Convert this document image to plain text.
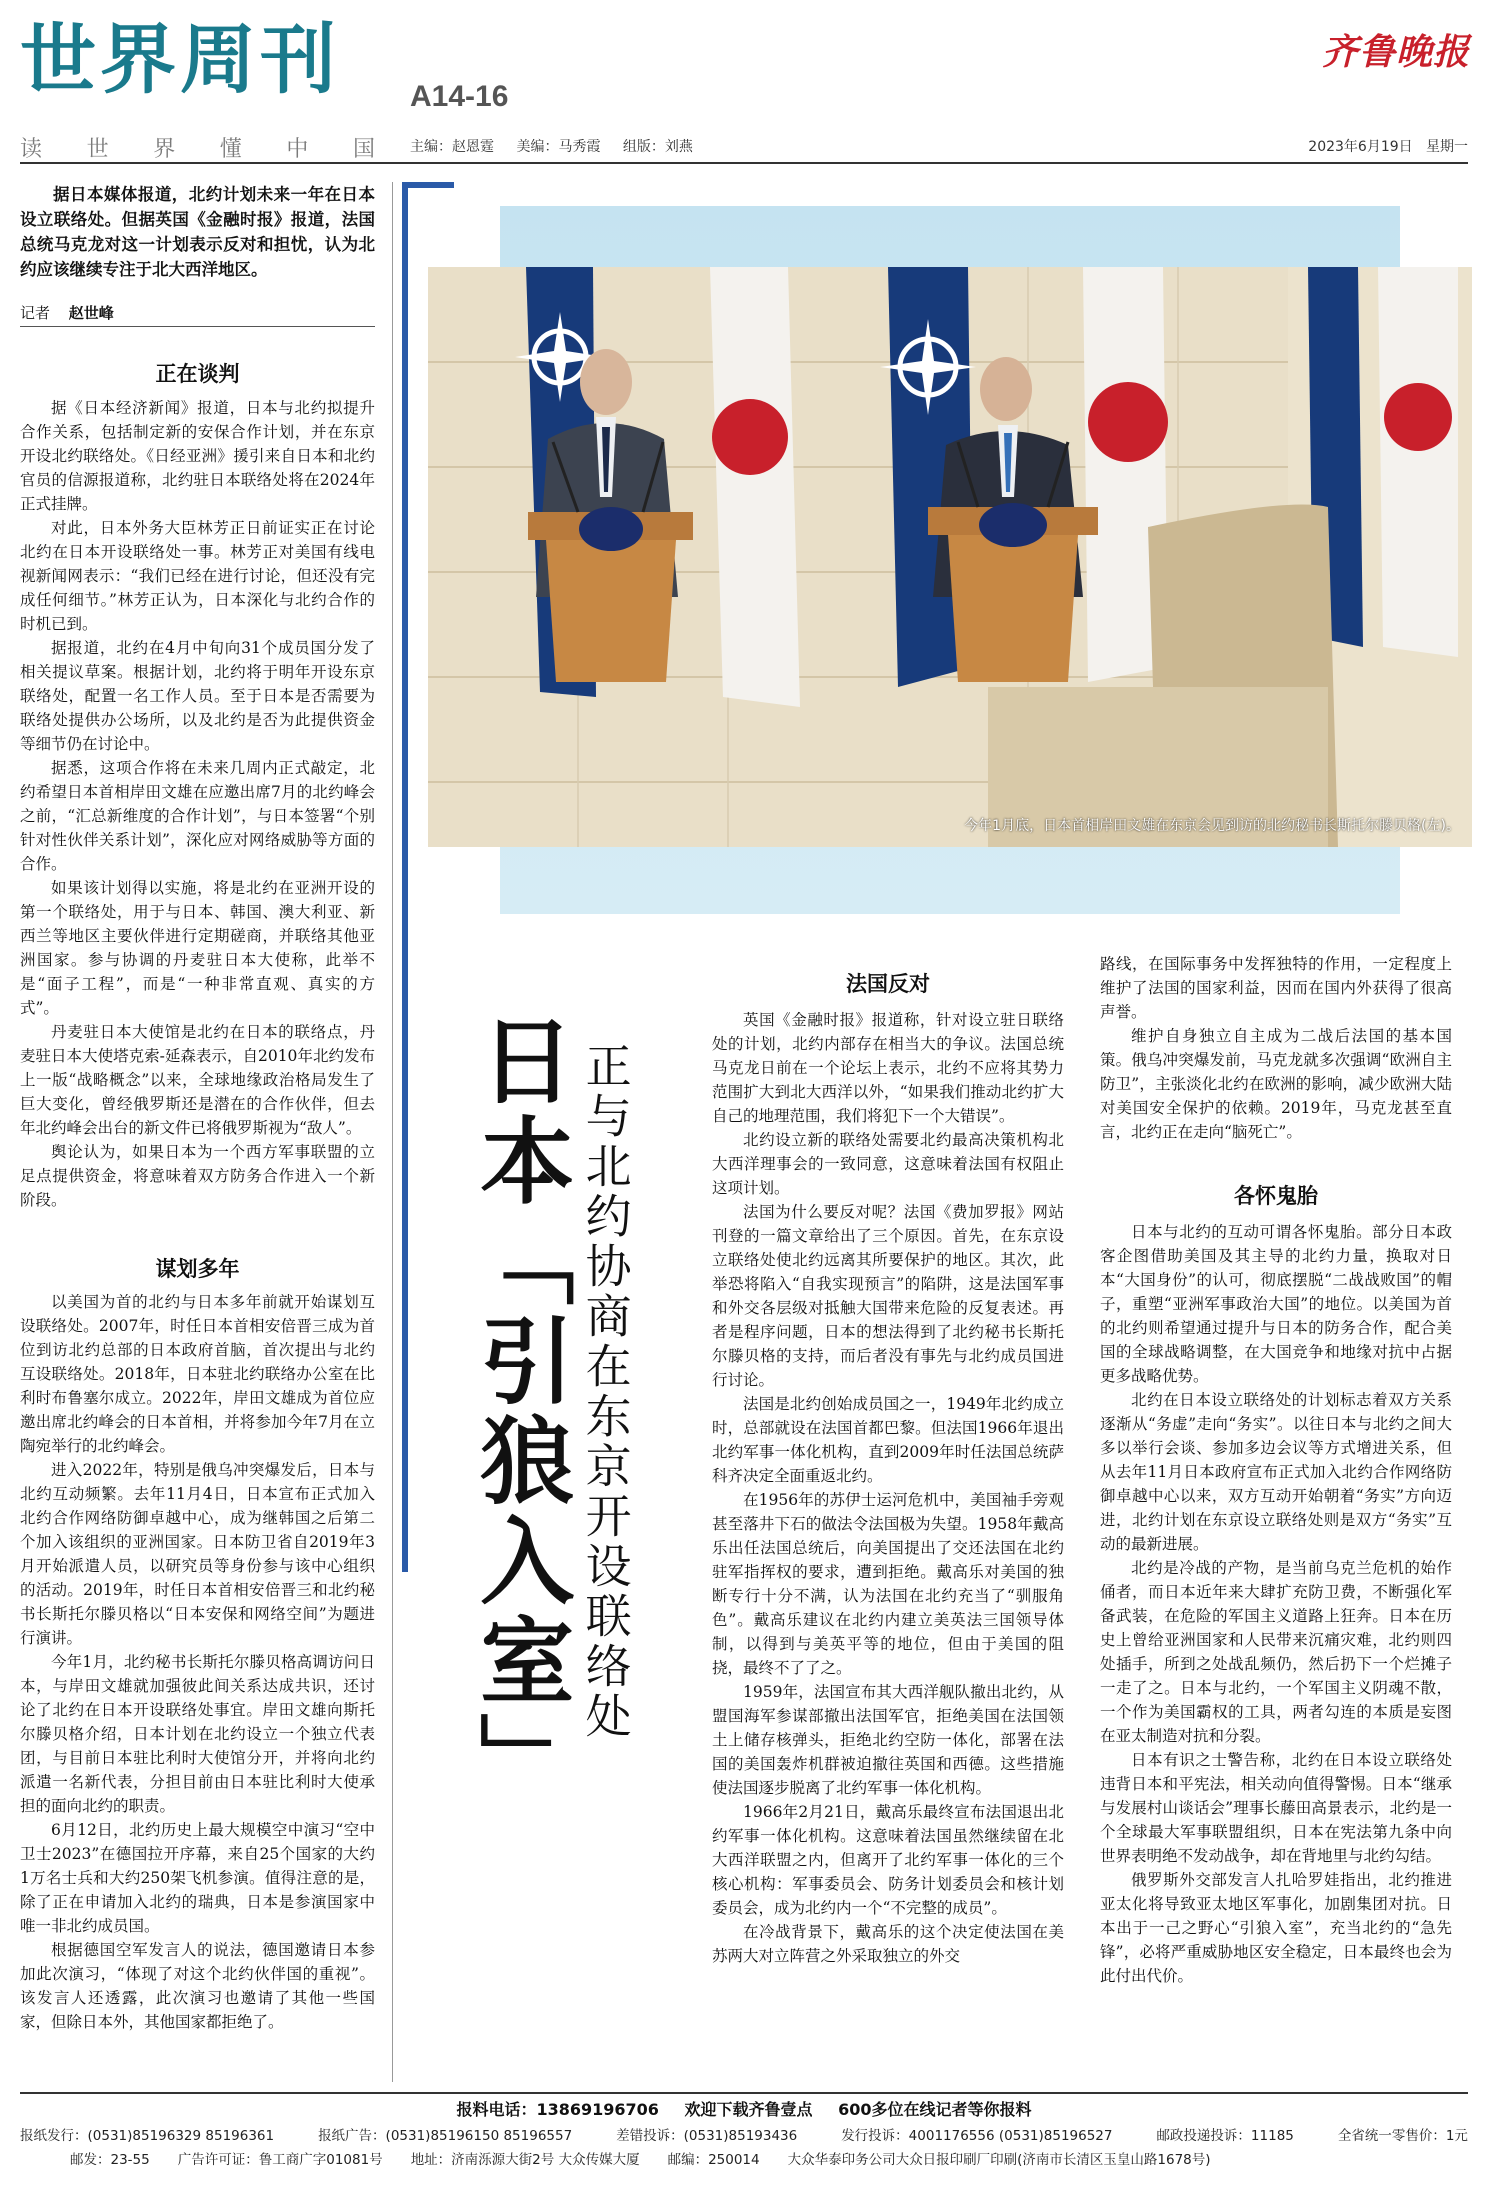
世界周刊 A14-16
读 世 界 懂 中 国
齐鲁晚报
主编：赵恩霆 美编：马秀霞 组版：刘燕	2023年6月19日 星期一
据日本媒体报道，北约计划未来一年在日本设立联络处。但据英国《金融时报》报道，法国总统马克龙对这一计划表示反对和担忧，认为北约应该继续专注于北大西洋地区。
记者 赵世峰
正在谈判

据《日本经济新闻》报道，日本与北约拟提升合作关系，包括制定新的安保合作计划，并在东京开设北约联络处。《日经亚洲》援引来自日本和北约官员的信源报道称，北约驻日本联络处将在2024年正式挂牌。

对此，日本外务大臣林芳正日前证实正在讨论北约在日本开设联络处一事。林芳正对美国有线电视新闻网表示：“我们已经在进行讨论，但还没有完成任何细节。”林芳正认为，日本深化与北约合作的时机已到。

据报道，北约在4月中旬向31个成员国分发了相关提议草案。根据计划，北约将于明年开设东京联络处，配置一名工作人员。至于日本是否需要为联络处提供办公场所，以及北约是否为此提供资金等细节仍在讨论中。

据悉，这项合作将在未来几周内正式敲定，北约希望日本首相岸田文雄在应邀出席7月的北约峰会之前，“汇总新维度的合作计划”，与日本签署“个别针对性伙伴关系计划”，深化应对网络威胁等方面的合作。

如果该计划得以实施，将是北约在亚洲开设的第一个联络处，用于与日本、韩国、澳大利亚、新西兰等地区主要伙伴进行定期磋商，并联络其他亚洲国家。参与协调的丹麦驻日本大使称，此举不是“面子工程”，而是“一种非常直观、真实的方式”。

丹麦驻日本大使馆是北约在日本的联络点，丹麦驻日本大使塔克索-延森表示，自2010年北约发布上一版“战略概念”以来，全球地缘政治格局发生了巨大变化，曾经俄罗斯还是潜在的合作伙伴，但去年北约峰会出台的新文件已将俄罗斯视为“敌人”。

舆论认为，如果日本为一个西方军事联盟的立足点提供资金，将意味着双方防务合作进入一个新阶段。

谋划多年

以美国为首的北约与日本多年前就开始谋划互设联络处。2007年，时任日本首相安倍晋三成为首位到访北约总部的日本政府首脑，首次提出与北约互设联络处。2018年，日本驻北约联络办公室在比利时布鲁塞尔成立。2022年，岸田文雄成为首位应邀出席北约峰会的日本首相，并将参加今年7月在立陶宛举行的北约峰会。

进入2022年，特别是俄乌冲突爆发后，日本与北约互动频繁。去年11月4日，日本宣布正式加入北约合作网络防御卓越中心，成为继韩国之后第二个加入该组织的亚洲国家。日本防卫省自2019年3月开始派遣人员，以研究员等身份参与该中心组织的活动。2019年，时任日本首相安倍晋三和北约秘书长斯托尔滕贝格以“日本安保和网络空间”为题进行演讲。

今年1月，北约秘书长斯托尔滕贝格高调访问日本，与岸田文雄就加强彼此间关系达成共识，还讨论了北约在日本开设联络处事宜。岸田文雄向斯托尔滕贝格介绍，日本计划在北约设立一个独立代表团，与目前日本驻比利时大使馆分开，并将向北约派遣一名新代表，分担目前由日本驻比利时大使承担的面向北约的职责。

6月12日，北约历史上最大规模空中演习“空中卫士2023”在德国拉开序幕，来自25个国家的大约1万名士兵和大约250架飞机参演。值得注意的是，除了正在申请加入北约的瑞典，日本是参演国家中唯一非北约成员国。

根据德国空军发言人的说法，德国邀请日本参加此次演习，“体现了对这个北约伙伴国的重视”。该发言人还透露，此次演习也邀请了其他一些国家，但除日本外，其他国家都拒绝了。

今年1月底，日本首相岸田文雄在东京会见到访的北约秘书长斯托尔滕贝格(左)。
日本「引狼入室」 正与北约协商在东京开设联络处
法国反对

英国《金融时报》报道称，针对设立驻日联络处的计划，北约内部存在相当大的争议。法国总统马克龙日前在一个论坛上表示，北约不应将其势力范围扩大到北大西洋以外，“如果我们推动北约扩大自己的地理范围，我们将犯下一个大错误”。

北约设立新的联络处需要北约最高决策机构北大西洋理事会的一致同意，这意味着法国有权阻止这项计划。

法国为什么要反对呢？法国《费加罗报》网站刊登的一篇文章给出了三个原因。首先，在东京设立联络处使北约远离其所要保护的地区。其次，此举恐将陷入“自我实现预言”的陷阱，这是法国军事和外交各层级对抵触大国带来危险的反复表述。再者是程序问题，日本的想法得到了北约秘书长斯托尔滕贝格的支持，而后者没有事先与北约成员国进行讨论。

法国是北约创始成员国之一，1949年北约成立时，总部就设在法国首都巴黎。但法国1966年退出北约军事一体化机构，直到2009年时任法国总统萨科齐决定全面重返北约。

在1956年的苏伊士运河危机中，美国袖手旁观甚至落井下石的做法令法国极为失望。1958年戴高乐出任法国总统后，向美国提出了交还法国在北约驻军指挥权的要求，遭到拒绝。戴高乐对美国的独断专行十分不满，认为法国在北约充当了“驯服角色”。戴高乐建议在北约内建立美英法三国领导体制，以得到与美英平等的地位，但由于美国的阻挠，最终不了了之。

1959年，法国宣布其大西洋舰队撤出北约，从盟国海军参谋部撤出法国军官，拒绝美国在法国领土上储存核弹头，拒绝北约空防一体化，部署在法国的美国轰炸机群被迫撤往英国和西德。这些措施使法国逐步脱离了北约军事一体化机构。

1966年2月21日，戴高乐最终宣布法国退出北约军事一体化机构。这意味着法国虽然继续留在北大西洋联盟之内，但离开了北约军事一体化的三个核心机构：军事委员会、防务计划委员会和核计划委员会，成为北约内一个“不完整的成员”。

在冷战背景下，戴高乐的这个决定使法国在美苏两大对立阵营之外采取独立的外交

路线，在国际事务中发挥独特的作用，一定程度上维护了法国的国家利益，因而在国内外获得了很高声誉。

维护自身独立自主成为二战后法国的基本国策。俄乌冲突爆发前，马克龙就多次强调“欧洲自主防卫”，主张淡化北约在欧洲的影响，减少欧洲大陆对美国安全保护的依赖。2019年，马克龙甚至直言，北约正在走向“脑死亡”。

各怀鬼胎

日本与北约的互动可谓各怀鬼胎。部分日本政客企图借助美国及其主导的北约力量，换取对日本“大国身份”的认可，彻底摆脱“二战战败国”的帽子，重塑“亚洲军事政治大国”的地位。以美国为首的北约则希望通过提升与日本的防务合作，配合美国的全球战略调整，在大国竞争和地缘对抗中占据更多战略优势。

北约在日本设立联络处的计划标志着双方关系逐渐从“务虚”走向“务实”。以往日本与北约之间大多以举行会谈、参加多边会议等方式增进关系，但从去年11月日本政府宣布正式加入北约合作网络防御卓越中心以来，双方互动开始朝着“务实”方向迈进，北约计划在东京设立联络处则是双方“务实”互动的最新进展。

北约是冷战的产物，是当前乌克兰危机的始作俑者，而日本近年来大肆扩充防卫费，不断强化军备武装，在危险的军国主义道路上狂奔。日本在历史上曾给亚洲国家和人民带来沉痛灾难，北约则四处插手，所到之处战乱频仍，然后扔下一个烂摊子一走了之。日本与北约，一个军国主义阴魂不散，一个作为美国霸权的工具，两者勾连的本质是妄图在亚太制造对抗和分裂。

日本有识之士警告称，北约在日本设立联络处违背日本和平宪法，相关动向值得警惕。日本“继承与发展村山谈话会”理事长藤田高景表示，北约是一个全球最大军事联盟组织，日本在宪法第九条中向世界表明绝不发动战争，却在背地里与北约勾结。

俄罗斯外交部发言人扎哈罗娃指出，北约推进亚太化将导致亚太地区军事化，加剧集团对抗。日本出于一己之野心“引狼入室”，充当北约的“急先锋”，必将严重威胁地区安全稳定，日本最终也会为此付出代价。

报料电话：13869196706 欢迎下载齐鲁壹点 600多位在线记者等你报料
报纸发行：(0531)85196329 85196361	报纸广告：(0531)85196150 85196557	差错投诉：(0531)85193436	发行投诉：4001176556 (0531)85196527	邮政投递投诉：11185	全省统一零售价：1元
邮发：23-55 广告许可证：鲁工商广字01081号 地址：济南泺源大街2号 大众传媒大厦 邮编：250014 大众华泰印务公司大众日报印刷厂印刷(济南市长清区玉皇山路1678号)
